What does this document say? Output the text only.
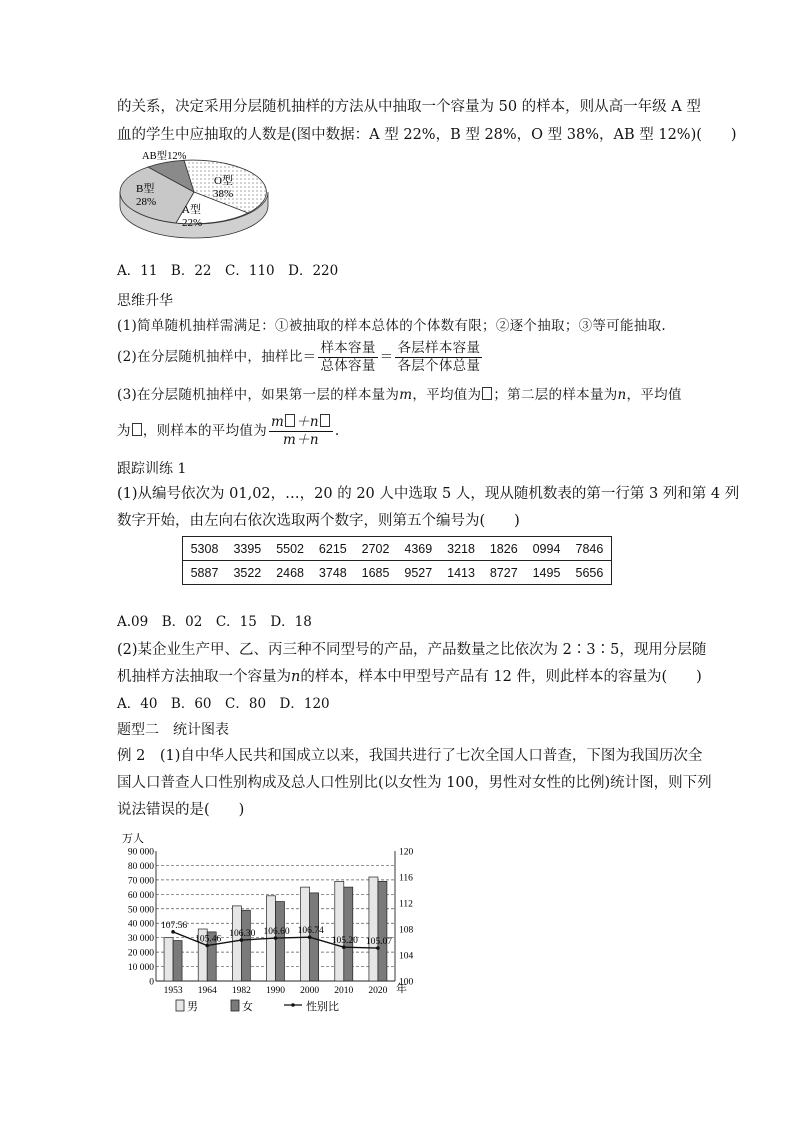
的关系，决定采用分层随机抽样的方法从中抽取一个容量为 50 的样本，则从高一年级 A 型
血的学生中应抽取的人数是(图中数据：A 型 22%，B 型 28%，O 型 38%，AB 型 12%)(　　)
AB型12%
B型
28%
O型
38%
A型
22%
A．11　B．22　C．110　D．220
思维升华
(1)简单随机抽样需满足：①被抽取的样本总体的个体数有限；②逐个抽取；③等可能抽取.
(2)在分层随机抽样中，抽样比＝ $\frac{\text{样本容量}}{\text{总体容量}} = \frac{\text{各层样本容量}}{\text{各层个体总量}}$
(3)在分层随机抽样中，如果第一层的样本量为m，平均值为 ；第二层的样本量为n，平均值
为 ，则样本的平均值为 $\frac{m +n}{m+n}$ .
跟踪训练 1
(1)从编号依次为 01,02，…，20 的 20 人中选取 5 人，现从随机数表的第一行第 3 列和第 4 列
数字开始，由左向右依次选取两个数字，则第五个编号为(　　)
5308	3395	5502	6215	2702	4369	3218	1826	0994	7846
5887	3522	2468	3748	1685	9527	1413	8727	1495	5656
A.09　B．02　C．15　D．18
(2)某企业生产甲、乙、丙三种不同型号的产品，产品数量之比依次为 2∶3∶5，现用分层随
机抽样方法抽取一个容量为n的样本，样本中甲型号产品有 12 件，则此样本的容量为(　　)
A．40　B．60　C．80　D．120
题型二　统计图表
例 2　(1)自中华人民共和国成立以来，我国共进行了七次全国人口普查，下图为我国历次全
国人口普查人口性别构成及总人口性别比(以女性为 100，男性对女性的比例)统计图，则下列
说法错误的是(　　)
万人
90 000
80 000
70 000
60 000
50 000
40 000
30 000
20 000
10 000
0
120
116
112
108
104
100
107.56
105.46
106.30 106.60 106.74
105.20 105.07
1953 1964 1982 1990 2000 2010 2020 年
男	女	性别比
